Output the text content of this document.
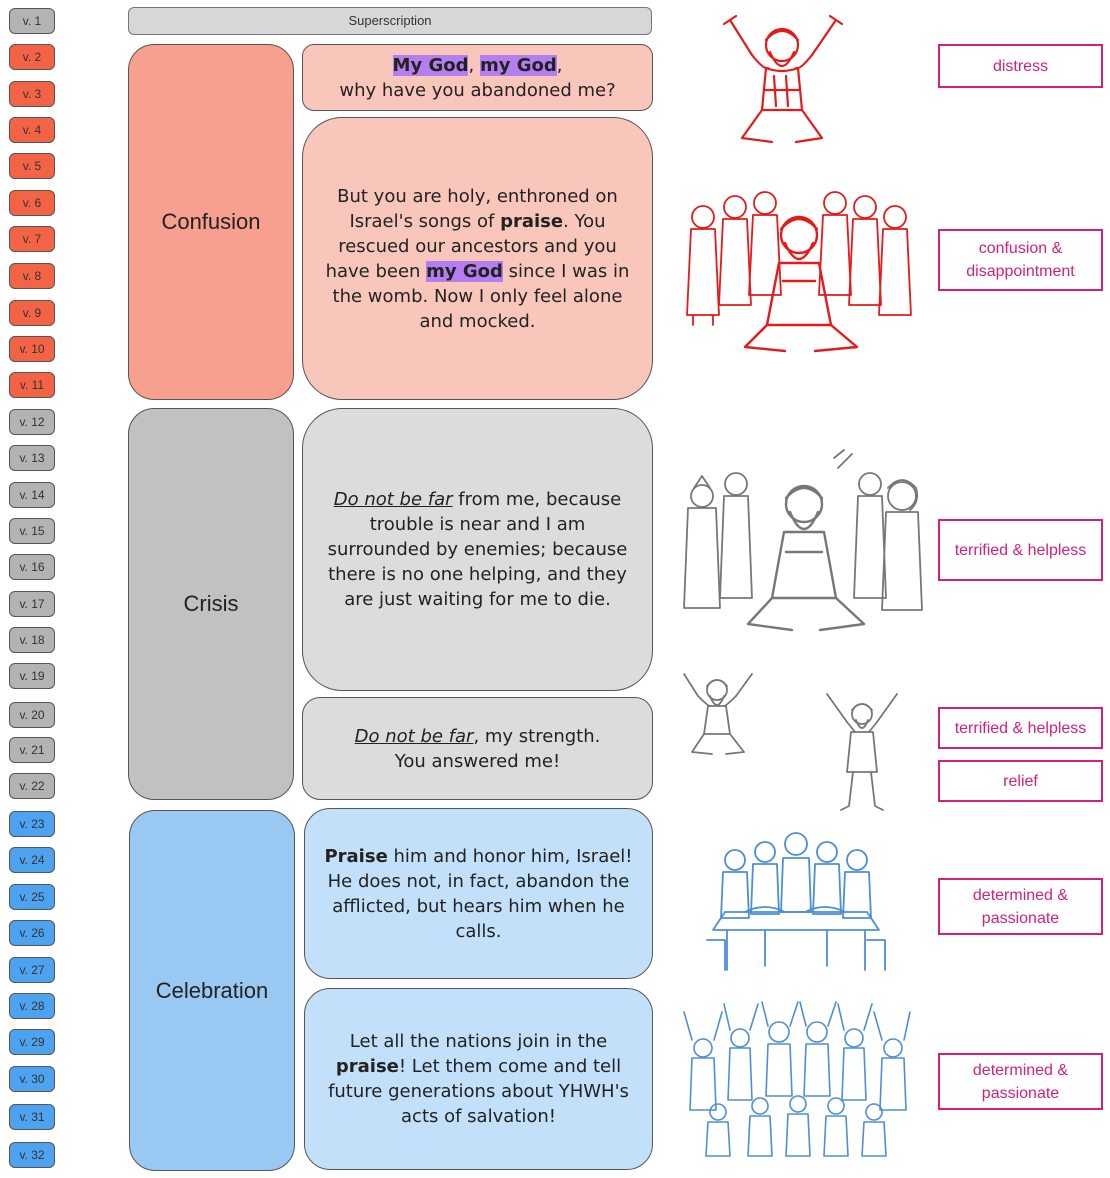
v. 1
v. 2
v. 3
v. 4
v. 5
v. 6
v. 7
v. 8
v. 9
v. 10
v. 11
v. 12
v. 13
v. 14
v. 15
v. 16
v. 17
v. 18
v. 19
v. 20
v. 21
v. 22
v. 23
v. 24
v. 25
v. 26
v. 27
v. 28
v. 29
v. 30
v. 31
v. 32
Superscription
Confusion
Crisis
Celebration
My God, my God,
why have you abandoned me?
But you are holy, enthroned on Israel's songs of praise. You rescued our ancestors and you have been my God since I was in the womb. Now I only feel alone and mocked.
Do not be far from me, because trouble is near and I am surrounded by enemies; because there is no one helping, and they are just waiting for me to die.
Do not be far, my strength.
You answered me!
Praise him and honor him, Israel! He does not, in fact, abandon the afflicted, but hears him when he calls.
Let all the nations join in the praise! Let them come and tell future generations about YHWH's acts of salvation!
distress
confusion & disappointment
terrified & helpless
terrified & helpless
relief
determined & passionate
determined & passionate
